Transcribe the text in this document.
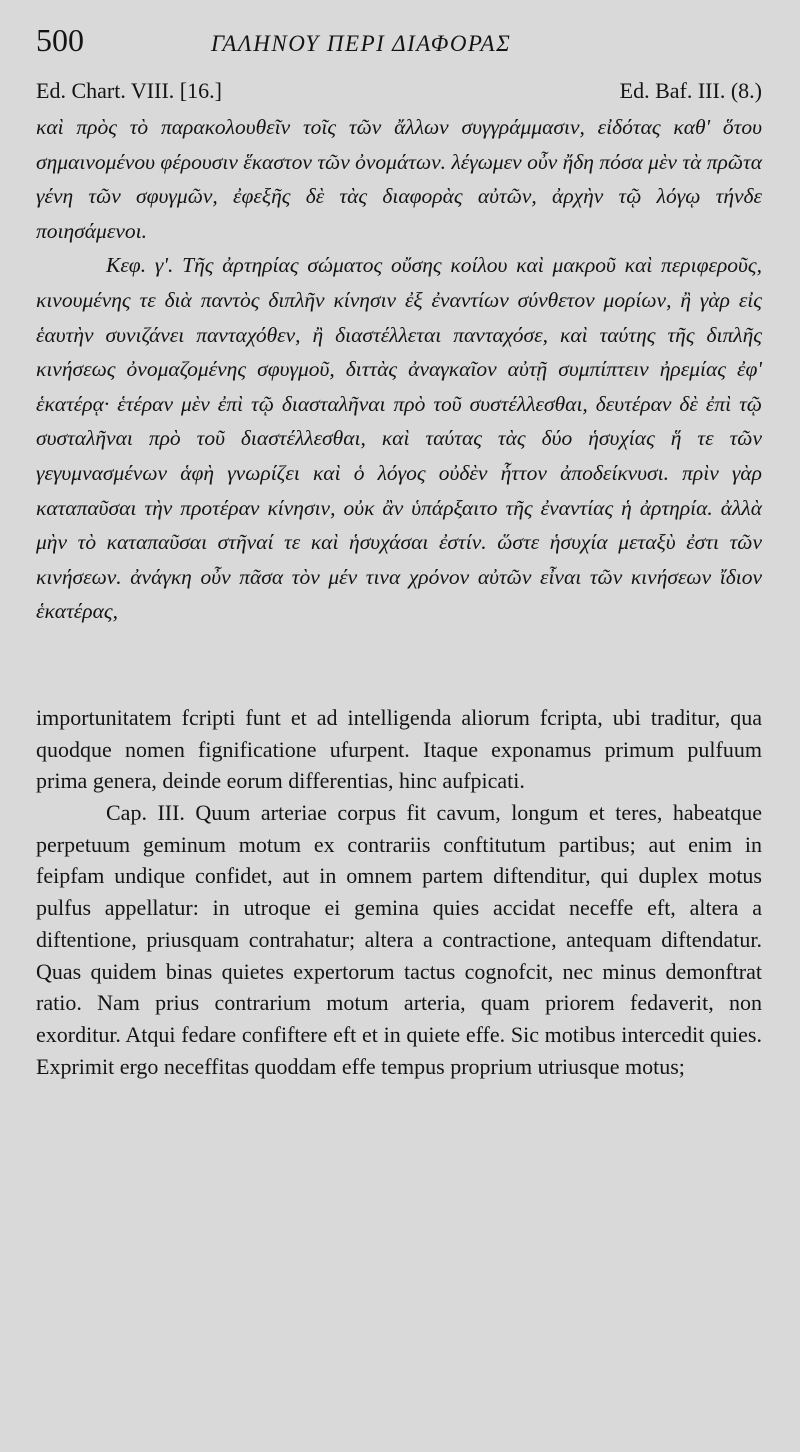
500	ΓΑΛΗΝΟΥ ΠΕΡΙ ΔΙΑΦΟΡΑΣ
Ed. Chart. VIII. [16.]	Ed. Baf. III. (8.)

καὶ πρὸς τὸ παρακολουθεῖν τοῖς τῶν ἄλλων συγγράμμασιν, εἰδότας καθ' ὅτου σημαινομένου φέρουσιν ἕκαστον τῶν ὀνομάτων. λέγωμεν οὖν ἤδη πόσα μὲν τὰ πρῶτα γένη τῶν σφυγμῶν, ἐφεξῆς δὲ τὰς διαφορὰς αὐτῶν, ἀρχὴν τῷ λόγῳ τήνδε ποιησάμενοι.

Κεφ. γ'. Τῆς ἀρτηρίας σώματος οὔσης κοίλου καὶ μακροῦ καὶ περιφεροῦς, κινουμένης τε διὰ παντὸς διπλῆν κίνησιν ἐξ ἐναντίων σύνθετον μορίων, ἢ γὰρ εἰς ἑαυτὴν συνιζάνει πανταχόθεν, ἢ διαστέλλεται πανταχόσε, καὶ ταύτης τῆς διπλῆς κινήσεως ὀνομαζομένης σφυγμοῦ, διττὰς ἀναγκαῖον αὐτῇ συμπίπτειν ἠρεμίας ἐφ' ἑκατέρᾳ· ἑτέραν μὲν ἐπὶ τῷ διασταλῆναι πρὸ τοῦ συστέλλεσθαι, δευτέραν δὲ ἐπὶ τῷ συσταλῆναι πρὸ τοῦ διαστέλλεσθαι, καὶ ταύτας τὰς δύο ἡσυχίας ἥ τε τῶν γεγυμνασμένων ἁφὴ γνωρίζει καὶ ὁ λόγος οὐδὲν ἧττον ἀποδείκνυσι. πρὶν γὰρ καταπαῦσαι τὴν προτέραν κίνησιν, οὐκ ἂν ὑπάρξαιτο τῆς ἐναντίας ἡ ἀρτηρία. ἀλλὰ μὴν τὸ καταπαῦσαι στῆναί τε καὶ ἡσυχάσαι ἐστίν. ὥστε ἡσυχία μεταξὺ ἐστι τῶν κινήσεων. ἀνάγκη οὖν πᾶσα τὸν μέν τινα χρόνον αὐτῶν εἶναι τῶν κινήσεων ἴδιον ἑκατέρας,

importunitatem fcripti funt et ad intelligenda aliorum fcripta, ubi traditur, qua quodque nomen fignificatione ufurpent. Itaque exponamus primum pulfuum prima genera, deinde eorum differentias, hinc aufpicati.

Cap. III. Quum arteriae corpus fit cavum, longum et teres, habeatque perpetuum geminum motum ex contrariis conftitutum partibus; aut enim in feipfam undique confidet, aut in omnem partem diftenditur, qui duplex motus pulfus appellatur: in utroque ei gemina quies accidat neceffe eft, altera a diftentione, priusquam contrahatur; altera a contractione, antequam diftendatur. Quas quidem binas quietes expertorum tactus cognofcit, nec minus demonftrat ratio. Nam prius contrarium motum arteria, quam priorem fedaverit, non exorditur. Atqui fedare confiftere eft et in quiete effe. Sic motibus intercedit quies. Exprimit ergo neceffitas quoddam effe tempus proprium utriusque motus;
